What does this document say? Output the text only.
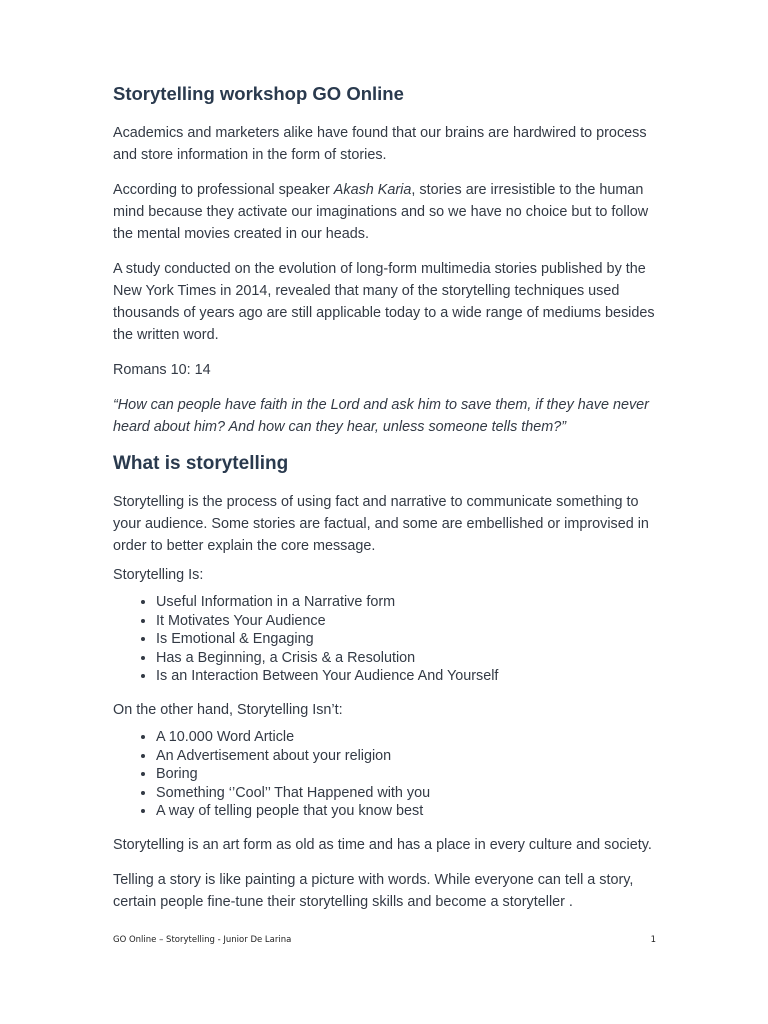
Storytelling workshop GO Online

Academics and marketers alike have found that our brains are hardwired to process and store information in the form of stories.

According to professional speaker Akash Karia, stories are irresistible to the human mind because they activate our imaginations and so we have no choice but to follow the mental movies created in our heads.

A study conducted on the evolution of long-form multimedia stories published by the New York Times in 2014, revealed that many of the storytelling techniques used thousands of years ago are still applicable today to a wide range of mediums besides the written word.

Romans 10: 14

“How can people have faith in the Lord and ask him to save them, if they have never heard about him? And how can they hear, unless someone tells them?”

What is storytelling

Storytelling is the process of using fact and narrative to communicate something to your audience. Some stories are factual, and some are embellished or improvised in order to better explain the core message.

Storytelling Is:

• Useful Information in a Narrative form
• It Motivates Your Audience
• Is Emotional & Engaging
• Has a Beginning, a Crisis & a Resolution
• Is an Interaction Between Your Audience And Yourself

On the other hand, Storytelling Isn’t:

• A 10.000 Word Article
• An Advertisement about your religion
• Boring
• Something ‘’Cool’’ That Happened with you
• A way of telling people that you know best

Storytelling is an art form as old as time and has a place in every culture and society.

Telling a story is like painting a picture with words. While everyone can tell a story, certain people fine-tune their storytelling skills and become a storyteller .

GO Online – Storytelling - Junior De Larina	1
